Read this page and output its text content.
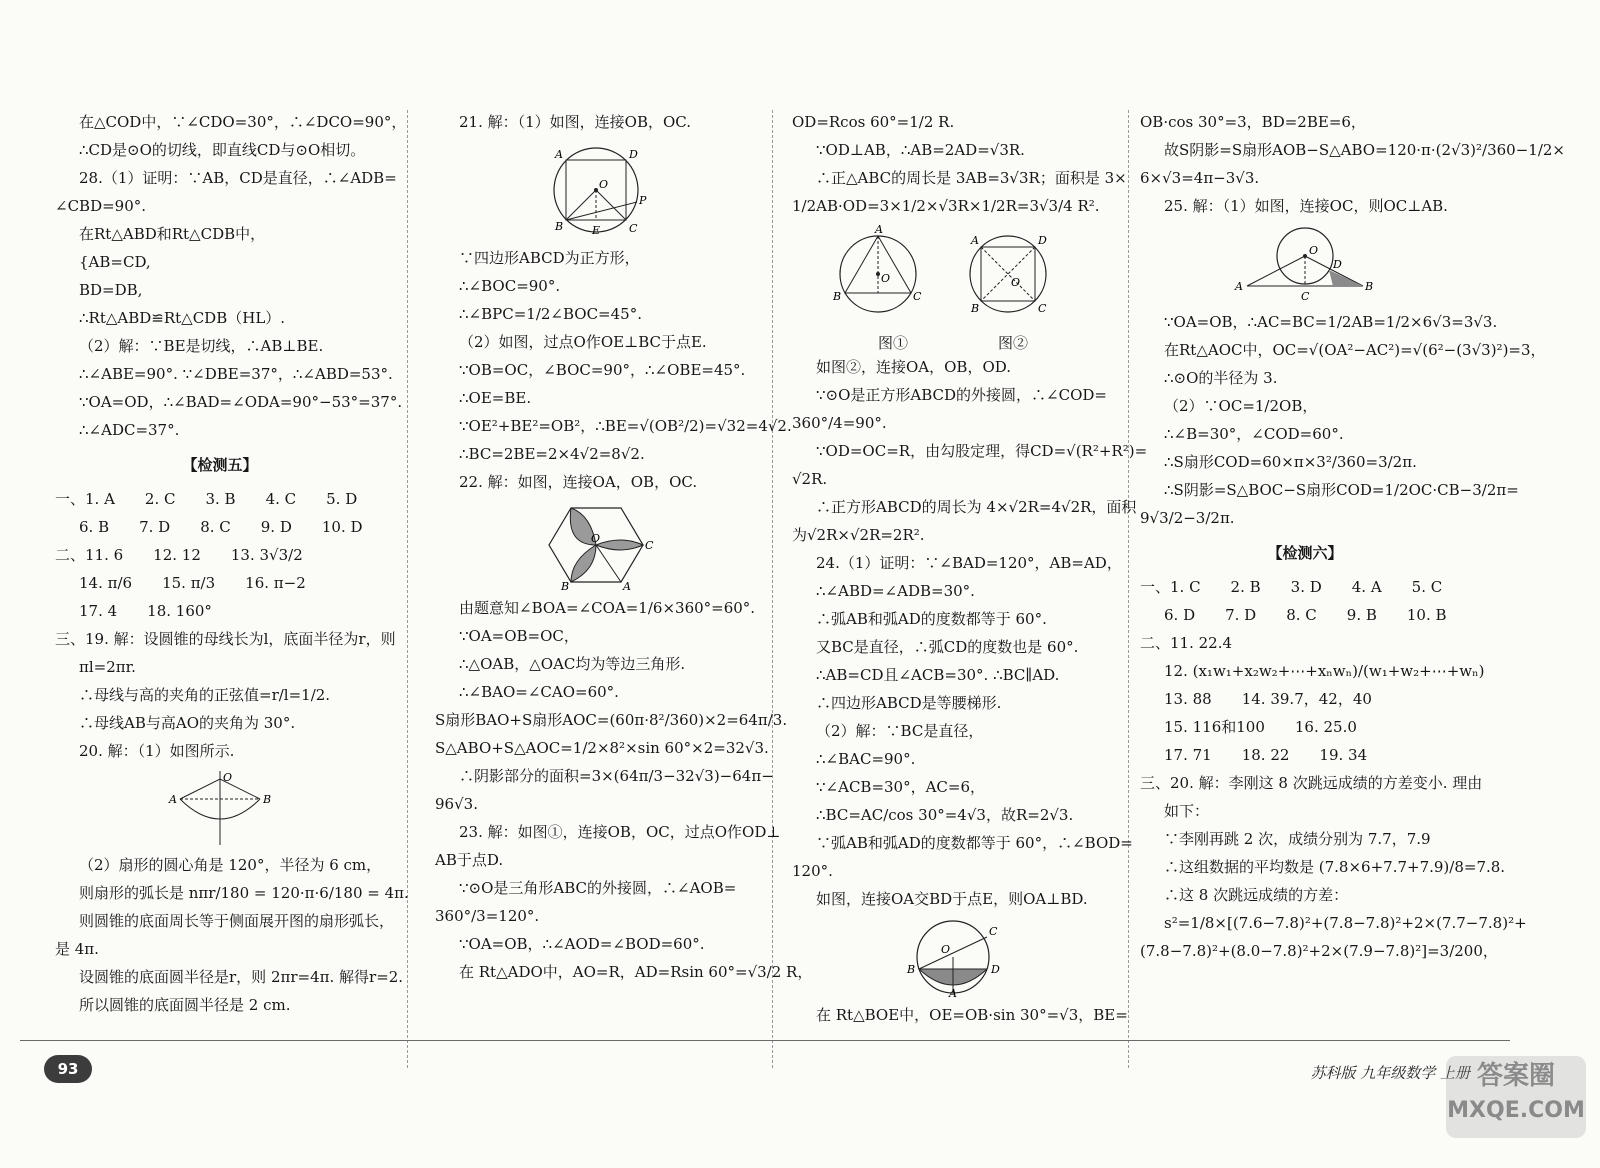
在△COD中，∵∠CDO=30°，∴∠DCO=90°，
∴CD是⊙O的切线，即直线CD与⊙O相切。
28.（1）证明：∵AB，CD是直径，∴∠ADB=
∠CBD=90°.
在Rt△ABD和Rt△CDB中，
{AB=CD,
BD=DB,
∴Rt△ABD≌Rt△CDB（HL）.
（2）解：∵BE是切线，∴AB⊥BE.
∴∠ABE=90°. ∵∠DBE=37°，∴∠ABD=53°.
∵OA=OD，∴∠BAD=∠ODA=90°−53°=37°.
∴∠ADC=37°.
【检测五】
一、1. A　　2. C　　3. B　　4. C　　5. D
6. B　　7. D　　8. C　　9. D　　10. D
二、11. 6　　12. 12　　13. 3√3/2
14. π/6　　15. π/3　　16. π−2
17. 4　　18. 160°
三、19. 解：设圆锥的母线长为l，底面半径为r，则
πl=2πr.
∴母线与高的夹角的正弦值=r/l=1/2.
∴母线AB与高AO的夹角为 30°.
20. 解：（1）如图所示.
O
A	B
（2）扇形的圆心角是 120°，半径为 6 cm，
则扇形的弧长是 nπr/180 = 120·π·6/180 = 4π.
则圆锥的底面周长等于侧面展开图的扇形弧长，
是 4π.
设圆锥的底面圆半径是r，则 2πr=4π. 解得r=2.
所以圆锥的底面圆半径是 2 cm.
21. 解：（1）如图，连接OB，OC.
A	D
B	C
P
O
E
∵四边形ABCD为正方形，
∴∠BOC=90°.
∴∠BPC=1/2∠BOC=45°.
（2）如图，过点O作OE⊥BC于点E.
∵OB=OC，∠BOC=90°，∴∠OBE=45°.
∴OE=BE.
∵OE²+BE²=OB²，∴BE=√(OB²/2)=√32=4√2.
∴BC=2BE=2×4√2=8√2.
22. 解：如图，连接OA，OB，OC.
O
C
B	A
由题意知∠BOA=∠COA=1/6×360°=60°.
∵OA=OB=OC，
∴△OAB，△OAC均为等边三角形.
∴∠BAO=∠CAO=60°.
S扇形BAO+S扇形AOC=(60π·8²/360)×2=64π/3.
S△ABO+S△AOC=1/2×8²×sin 60°×2=32√3.
∴阴影部分的面积=3×(64π/3−32√3)−64π−
96√3.
23. 解：如图①，连接OB，OC，过点O作OD⊥
AB于点D.
∵⊙O是三角形ABC的外接圆，∴∠AOB=
360°/3=120°.
∵OA=OB，∴∠AOD=∠BOD=60°.
在 Rt△ADO中，AO=R，AD=Rsin 60°=√3/2 R，
OD=Rcos 60°=1/2 R.
∵OD⊥AB，∴AB=2AD=√3R.
∴正△ABC的周长是 3AB=3√3R；面积是 3×
1/2AB·OD=3×1/2×√3R×1/2R=3√3/4 R².
A
B	C
O
A	D
B	C
O
图①	图②
如图②，连接OA，OB，OD.
∵⊙O是正方形ABCD的外接圆，∴∠COD=
360°/4=90°.
∵OD=OC=R，由勾股定理，得CD=√(R²+R²)=
√2R.
∴正方形ABCD的周长为 4×√2R=4√2R，面积
为√2R×√2R=2R².
24.（1）证明：∵∠BAD=120°，AB=AD，
∴∠ABD=∠ADB=30°.
∴弧AB和弧AD的度数都等于 60°.
又BC是直径，∴弧CD的度数也是 60°.
∴AB=CD且∠ACB=30°. ∴BC∥AD.
∴四边形ABCD是等腰梯形.
（2）解：∵BC是直径，
∴∠BAC=90°.
∵∠ACB=30°，AC=6，
∴BC=AC/cos 30°=4√3，故R=2√3.
∵弧AB和弧AD的度数都等于 60°，∴∠BOD=
120°.
如图，连接OA交BD于点E，则OA⊥BD.
O
C
B	D
A
在 Rt△BOE中，OE=OB·sin 30°=√3，BE=
OB·cos 30°=3，BD=2BE=6，
故S阴影=S扇形AOB−S△ABO=120·π·(2√3)²/360−1/2×
6×√3=4π−3√3.
25. 解：（1）如图，连接OC，则OC⊥AB.
O
A	B
C
D
∵OA=OB，∴AC=BC=1/2AB=1/2×6√3=3√3.
在Rt△AOC中，OC=√(OA²−AC²)=√(6²−(3√3)²)=3，
∴⊙O的半径为 3.
（2）∵OC=1/2OB，
∴∠B=30°，∠COD=60°.
∴S扇形COD=60×π×3²/360=3/2π.
∴S阴影=S△BOC−S扇形COD=1/2OC·CB−3/2π=
9√3/2−3/2π.
【检测六】
一、1. C　　2. B　　3. D　　4. A　　5. C
6. D　　7. D　　8. C　　9. B　　10. B
二、11. 22.4
12. (x₁w₁+x₂w₂+⋯+xₙwₙ)/(w₁+w₂+⋯+wₙ)
13. 88　　14. 39.7，42，40
15. 116和100　　16. 25.0
17. 71　　18. 22　　19. 34
三、20. 解：李刚这 8 次跳远成绩的方差变小. 理由
如下：
∵李刚再跳 2 次，成绩分别为 7.7，7.9
∴这组数据的平均数是 (7.8×6+7.7+7.9)/8=7.8.
∴这 8 次跳远成绩的方差：
s²=1/8×[(7.6−7.8)²+(7.8−7.8)²+2×(7.7−7.8)²+
(7.8−7.8)²+(8.0−7.8)²+2×(7.9−7.8)²]=3/200，
93	苏科版 九年级数学 上册 答案圈
MXQE.COM
